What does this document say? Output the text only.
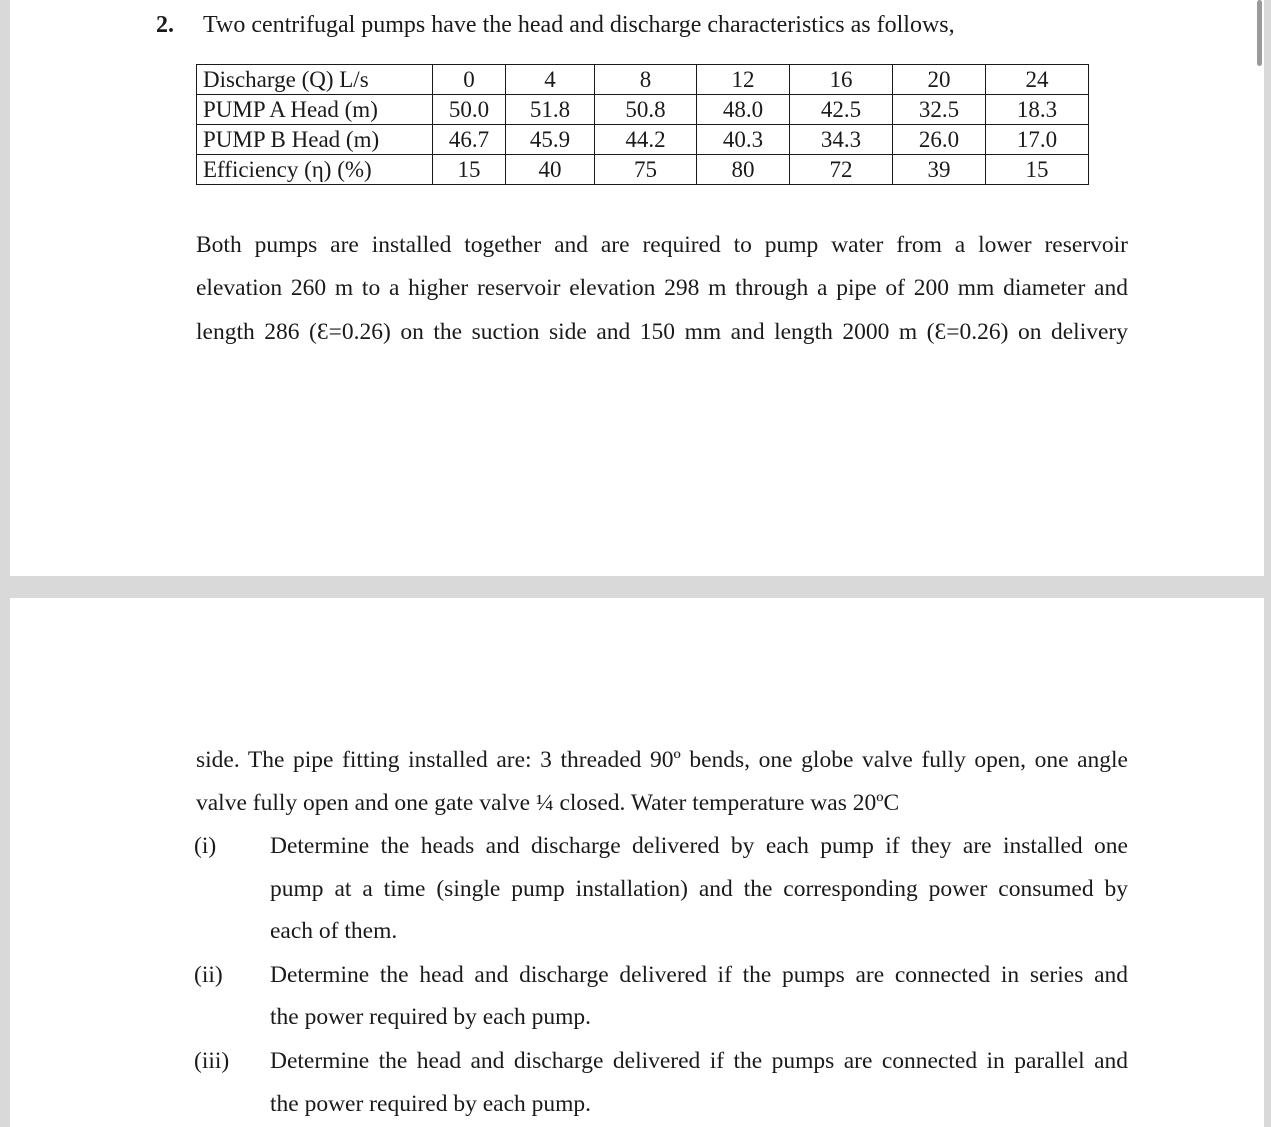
2. Two centrifugal pumps have the head and discharge characteristics as follows,
Discharge (Q) L/s	0	4	8	12	16	20	24
PUMP A Head (m)	50.0	51.8	50.8	48.0	42.5	32.5	18.3
PUMP B Head (m)	46.7	45.9	44.2	40.3	34.3	26.0	17.0
Efficiency (η) (%)	15	40	75	80	72	39	15
Both pumps are installed together and are required to pump water from a lower reservoir
elevation 260 m to a higher reservoir elevation 298 m through a pipe of 200 mm diameter and
length 286 (Ɛ=0.26) on the suction side and 150 mm and length 2000 m (Ɛ=0.26) on delivery
side. The pipe fitting installed are: 3 threaded 90º bends, one globe valve fully open, one angle
valve fully open and one gate valve ¼ closed. Water temperature was 20ºC
(i) Determine the heads and discharge delivered by each pump if they are installed one
pump at a time (single pump installation) and the corresponding power consumed by
each of them.
(ii) Determine the head and discharge delivered if the pumps are connected in series and
the power required by each pump.
(iii) Determine the head and discharge delivered if the pumps are connected in parallel and
the power required by each pump.
